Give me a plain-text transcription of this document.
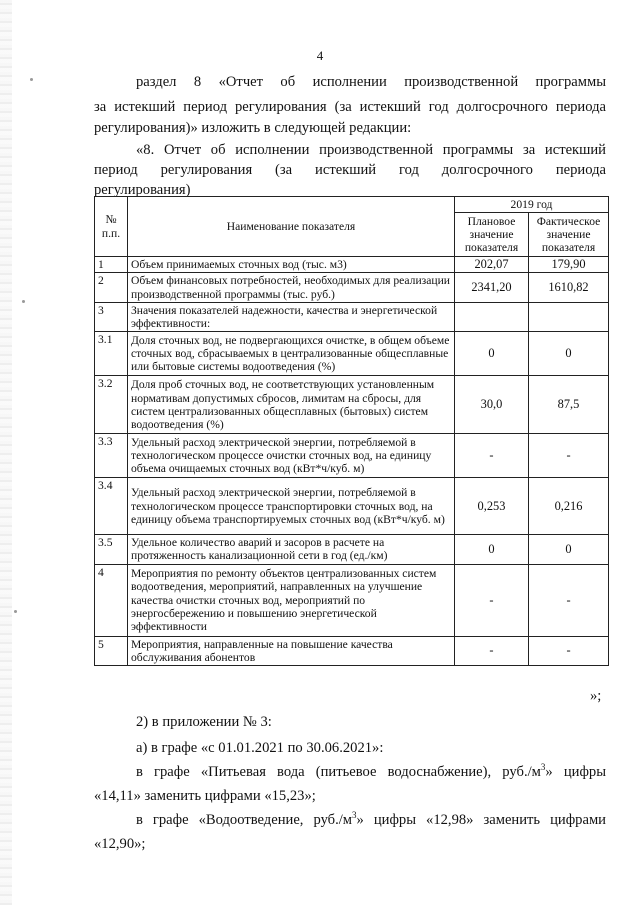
4

раздел 8 «Отчет об исполнении производственной программы

за истекший период регулирования (за истекший год долгосрочного периода

регулирования)» изложить в следующей редакции:

«8. Отчет об исполнении производственной программы за истекший

период регулирования (за истекший год долгосрочного периода

регулирования)

№ п.п.	Наименование показателя	2019 год	
		Плановое значение показателя	Фактическое значение показателя
1	Объем принимаемых сточных вод (тыс. м3)	202,07	179,90
2	Объем финансовых потребностей, необходимых для реализации производственной программы (тыс. руб.)	2341,20	1610,82
3	Значения показателей надежности, качества и энергетической эффективности:		
3.1	Доля сточных вод, не подвергающихся очистке, в общем объеме сточных вод, сбрасываемых в централизованные общесплавные или бытовые системы водоотведения (%)	0	0
3.2	Доля проб сточных вод, не соответствующих установленным нормативам допустимых сбросов, лимитам на сбросы, для систем централизованных общесплавных (бытовых) систем водоотведения (%)	30,0	87,5
3.3	Удельный расход электрической энергии, потребляемой в технологическом процессе очистки сточных вод, на единицу объема очищаемых сточных вод (кВт*ч/куб. м)	-	-
3.4	Удельный расход электрической энергии, потребляемой в технологическом процессе транспортировки сточных вод, на единицу объема транспортируемых сточных вод (кВт*ч/куб. м)	0,253	0,216
3.5	Удельное количество аварий и засоров в расчете на протяженность канализационной сети в год (ед./км)	0	0
4	Мероприятия по ремонту объектов централизованных систем водоотведения, мероприятий, направленных на улучшение качества очистки сточных вод, мероприятий по энергосбережению и повышению энергетической эффективности	-	-
5	Мероприятия, направленные на повышение качества обслуживания абонентов	-	-
»;

2) в приложении № 3:

а) в графе «с 01.01.2021 по 30.06.2021»:

в графе «Питьевая вода (питьевое водоснабжение), $руб./м^3$» цифры

«14,11» заменить цифрами «15,23»;

в графе «Водоотведение, $руб./м^3$» цифры «12,98» заменить цифрами

«12,90»;
